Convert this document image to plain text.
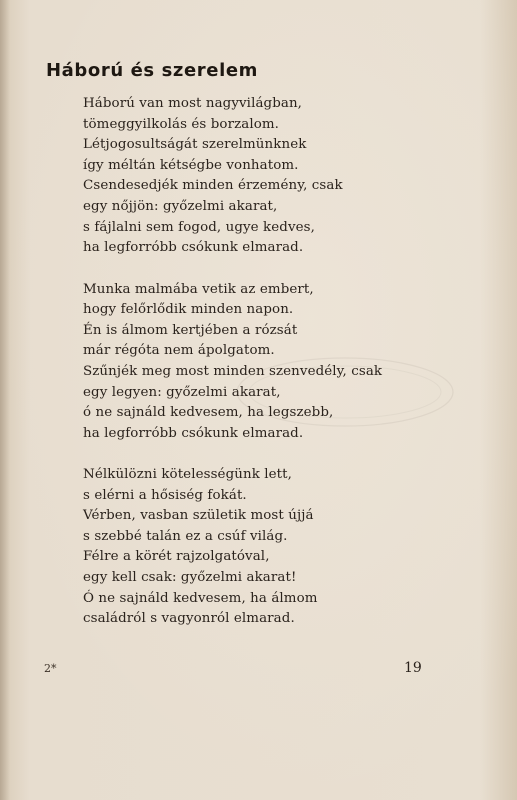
Háború és szerelem
Háború van most nagyvilágban,
tömeggyilkolás és borzalom.
Létjogosultságát szerelmünknek
így méltán kétségbe vonhatom.
Csendesedjék minden érzemény, csak
egy nőjjön: győzelmi akarat,
s fájlalni sem fogod, ugye kedves,
ha legforróbb csókunk elmarad.
Munka malmába vetik az embert,
hogy felőrlődik minden napon.
Én is álmom kertjében a rózsát
már régóta nem ápolgatom.
Szűnjék meg most minden szenvedély, csak
egy legyen: győzelmi akarat,
ó ne sajnáld kedvesem, ha legszebb,
ha legforróbb csókunk elmarad.
Nélkülözni kötelességünk lett,
s elérni a hősiség fokát.
Vérben, vasban születik most újjá
s szebbé talán ez a csúf világ.
Félre a körét rajzolgatóval,
egy kell csak: győzelmi akarat!
Ó ne sajnáld kedvesem, ha álmom
családról s vagyonról elmarad.
2*	19
